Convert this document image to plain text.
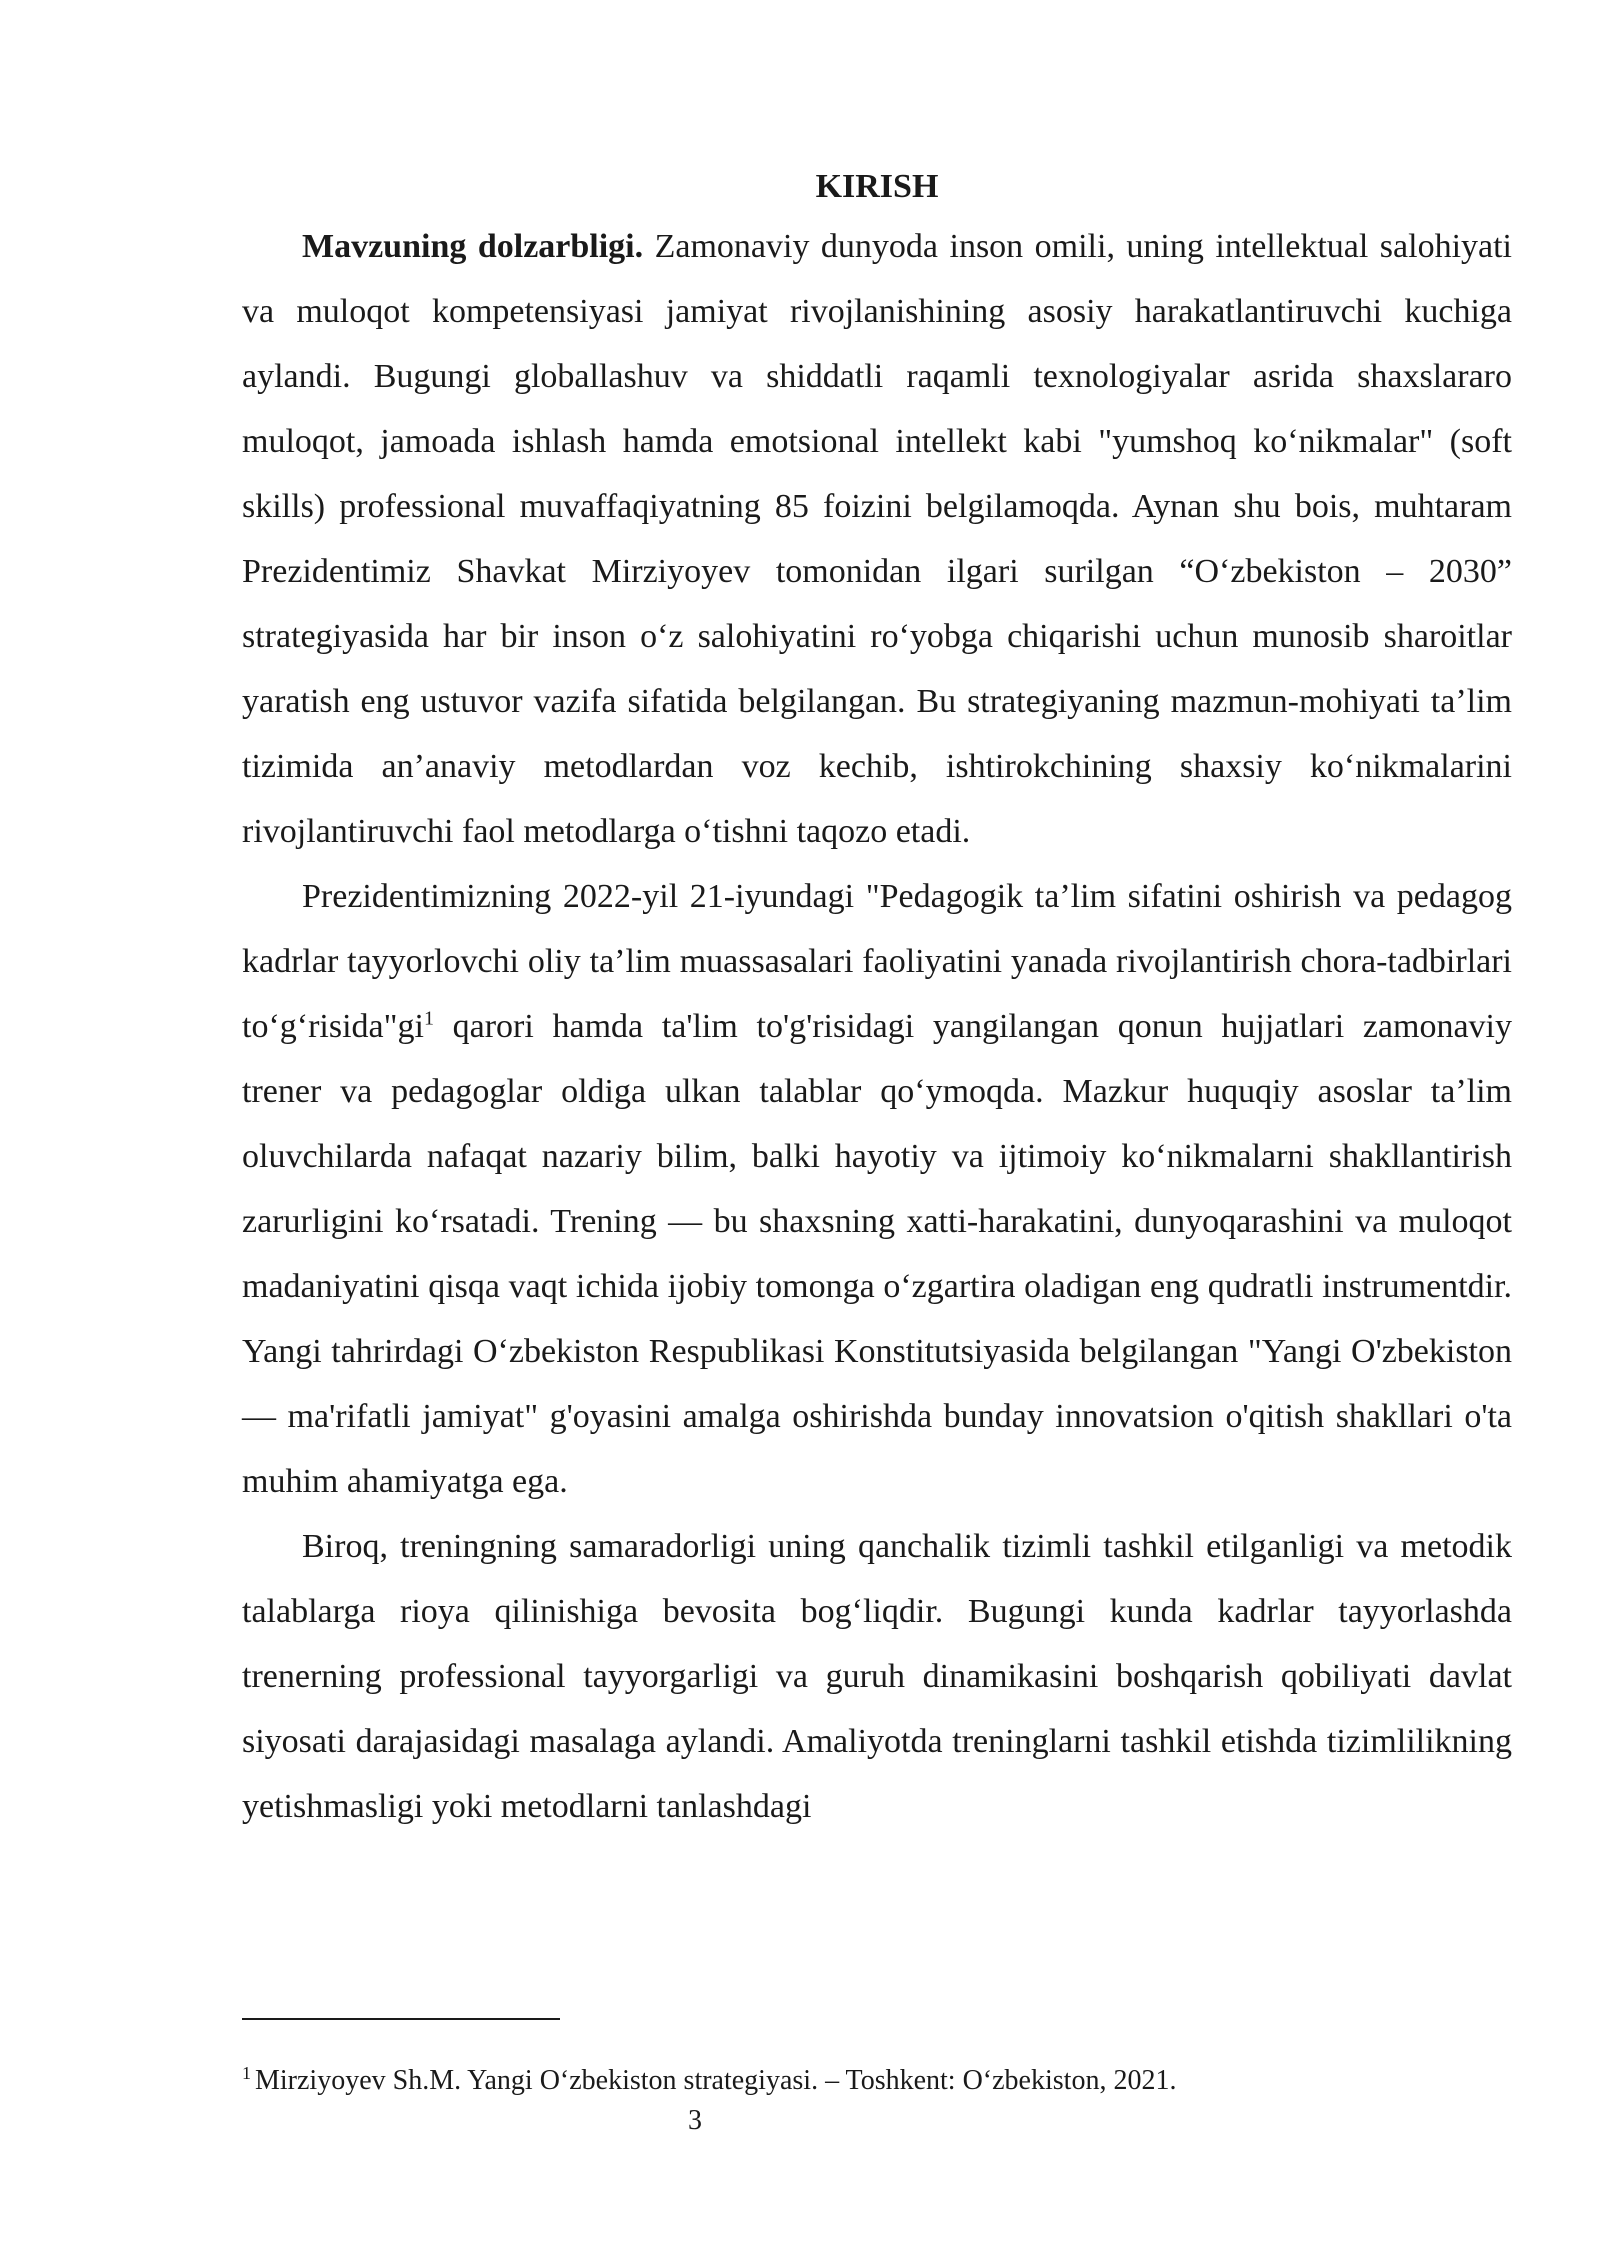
KIRISH

Mavzuning dolzarbligi. Zamonaviy dunyoda inson omili, uning intellektual salohiyati va muloqot kompetensiyasi jamiyat rivojlanishining asosiy harakatlantiruvchi kuchiga aylandi. Bugungi globallashuv va shiddatli raqamli texnologiyalar asrida shaxslararo muloqot, jamoada ishlash hamda emotsional intellekt kabi "yumshoq ko‘nikmalar" (soft skills) professional muvaffaqiyatning 85 foizini belgilamoqda. Aynan shu bois, muhtaram Prezidentimiz Shavkat Mirziyoyev tomonidan ilgari surilgan “O‘zbekiston – 2030” strategiyasida har bir inson o‘z salohiyatini ro‘yobga chiqarishi uchun munosib sharoitlar yaratish eng ustuvor vazifa sifatida belgilangan. Bu strategiyaning mazmun-mohiyati ta’lim tizimida an’anaviy metodlardan voz kechib, ishtirokchining shaxsiy ko‘nikmalarini rivojlantiruvchi faol metodlarga o‘tishni taqozo etadi.

Prezidentimizning 2022-yil 21-iyundagi "Pedagogik ta’lim sifatini oshirish va pedagog kadrlar tayyorlovchi oliy ta’lim muassasalari faoliyatini yanada rivojlantirish chora-tadbirlari to‘g‘risida"gi$^1$ qarori hamda ta'lim to'g'risidagi yangilangan qonun hujjatlari zamonaviy trener va pedagoglar oldiga ulkan talablar qo‘ymoqda. Mazkur huquqiy asoslar ta’lim oluvchilarda nafaqat nazariy bilim, balki hayotiy va ijtimoiy ko‘nikmalarni shakllantirish zarurligini ko‘rsatadi. Trening — bu shaxsning xatti-harakatini, dunyoqarashini va muloqot madaniyatini qisqa vaqt ichida ijobiy tomonga o‘zgartira oladigan eng qudratli instrumentdir. Yangi tahrirdagi O‘zbekiston Respublikasi Konstitutsiyasida belgilangan "Yangi O'zbekiston — ma'rifatli jamiyat" g'oyasini amalga oshirishda bunday innovatsion o'qitish shakllari o'ta muhim ahamiyatga ega.

Biroq, treningning samaradorligi uning qanchalik tizimli tashkil etilganligi va metodik talablarga rioya qilinishiga bevosita bog‘liqdir. Bugungi kunda kadrlar tayyorlashda trenerning professional tayyorgarligi va guruh dinamikasini boshqarish qobiliyati davlat siyosati darajasidagi masalaga aylandi. Amaliyotda treninglarni tashkil etishda tizimlilikning yetishmasligi yoki metodlarni tanlashdagi

$^1$ Mirziyoyev Sh.M. Yangi O‘zbekiston strategiyasi. – Toshkent: O‘zbekiston, 2021.

3
